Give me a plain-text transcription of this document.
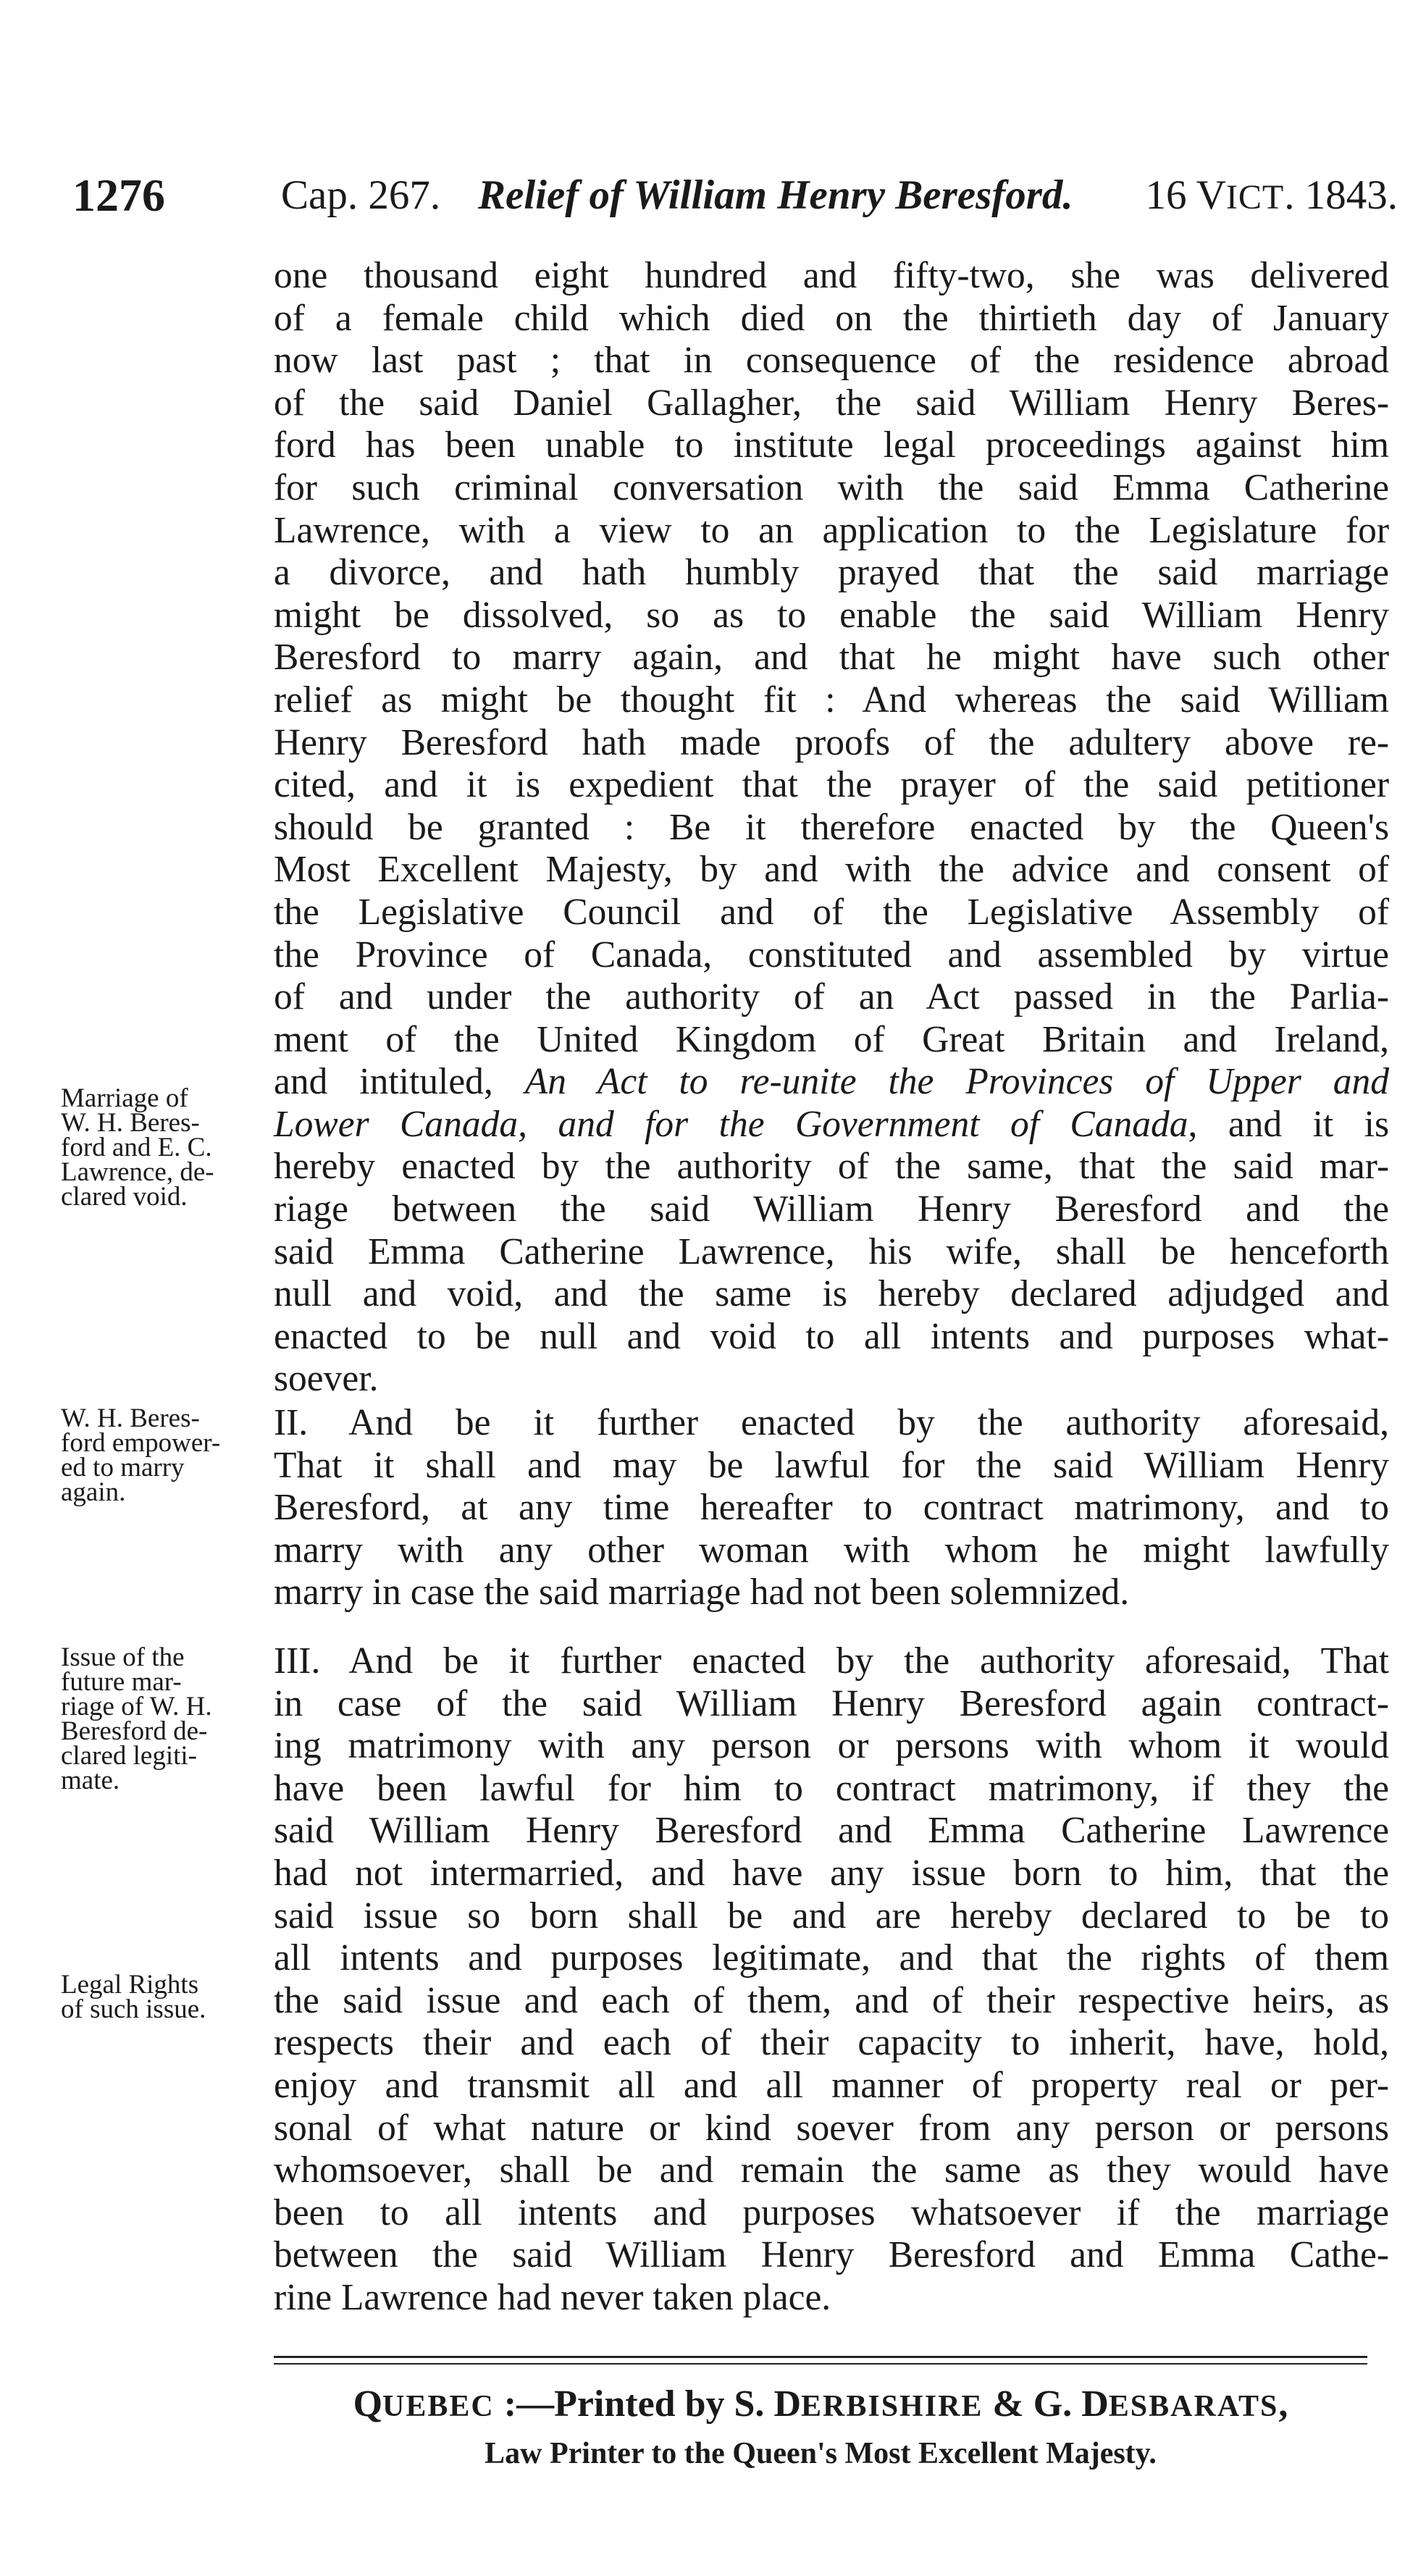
1276	Cap. 267. Relief of William Henry Beresford. 16 VICT. 1843.
one thousand eight hundred and fifty-two, she was delivered
of a female child which died on the thirtieth day of January
now last past ; that in consequence of the residence abroad
of the said Daniel Gallagher, the said William Henry Beres-
ford has been unable to institute legal proceedings against him
for such criminal conversation with the said Emma Catherine
Lawrence, with a view to an application to the Legislature for
a divorce, and hath humbly prayed that the said marriage
might be dissolved, so as to enable the said William Henry
Beresford to marry again, and that he might have such other
relief as might be thought fit : And whereas the said William
Henry Beresford hath made proofs of the adultery above re-
cited, and it is expedient that the prayer of the said petitioner
should be granted : Be it therefore enacted by the Queen's
Most Excellent Majesty, by and with the advice and consent of
the Legislative Council and of the Legislative Assembly of
the Province of Canada, constituted and assembled by virtue
of and under the authority of an Act passed in the Parlia-
ment of the United Kingdom of Great Britain and Ireland,
and intituled, An Act to re-unite the Provinces of Upper and
Lower Canada, and for the Government of Canada, and it is
hereby enacted by the authority of the same, that the said mar-
riage between the said William Henry Beresford and the
said Emma Catherine Lawrence, his wife, shall be henceforth
null and void, and the same is hereby declared adjudged and
enacted to be null and void to all intents and purposes what-
soever.
II. And be it further enacted by the authority aforesaid,
That it shall and may be lawful for the said William Henry
Beresford, at any time hereafter to contract matrimony, and to
marry with any other woman with whom he might lawfully
marry in case the said marriage had not been solemnized.
III. And be it further enacted by the authority aforesaid, That
in case of the said William Henry Beresford again contract-
ing matrimony with any person or persons with whom it would
have been lawful for him to contract matrimony, if they the
said William Henry Beresford and Emma Catherine Lawrence
had not intermarried, and have any issue born to him, that the
said issue so born shall be and are hereby declared to be to
all intents and purposes legitimate, and that the rights of them
the said issue and each of them, and of their respective heirs, as
respects their and each of their capacity to inherit, have, hold,
enjoy and transmit all and all manner of property real or per-
sonal of what nature or kind soever from any person or persons
whomsoever, shall be and remain the same as they would have
been to all intents and purposes whatsoever if the marriage
between the said William Henry Beresford and Emma Cathe-
rine Lawrence had never taken place.
Marriage of
W. H. Beres-
ford and E. C.
Lawrence, de-
clared void.
W. H. Beres-
ford empower-
ed to marry
again.
Issue of the
future mar-
riage of W. H.
Beresford de-
clared legiti-
mate.
Legal Rights
of such issue.
QUEBEC :—Printed by S. DERBISHIRE & G. DESBARATS,
Law Printer to the Queen's Most Excellent Majesty.
